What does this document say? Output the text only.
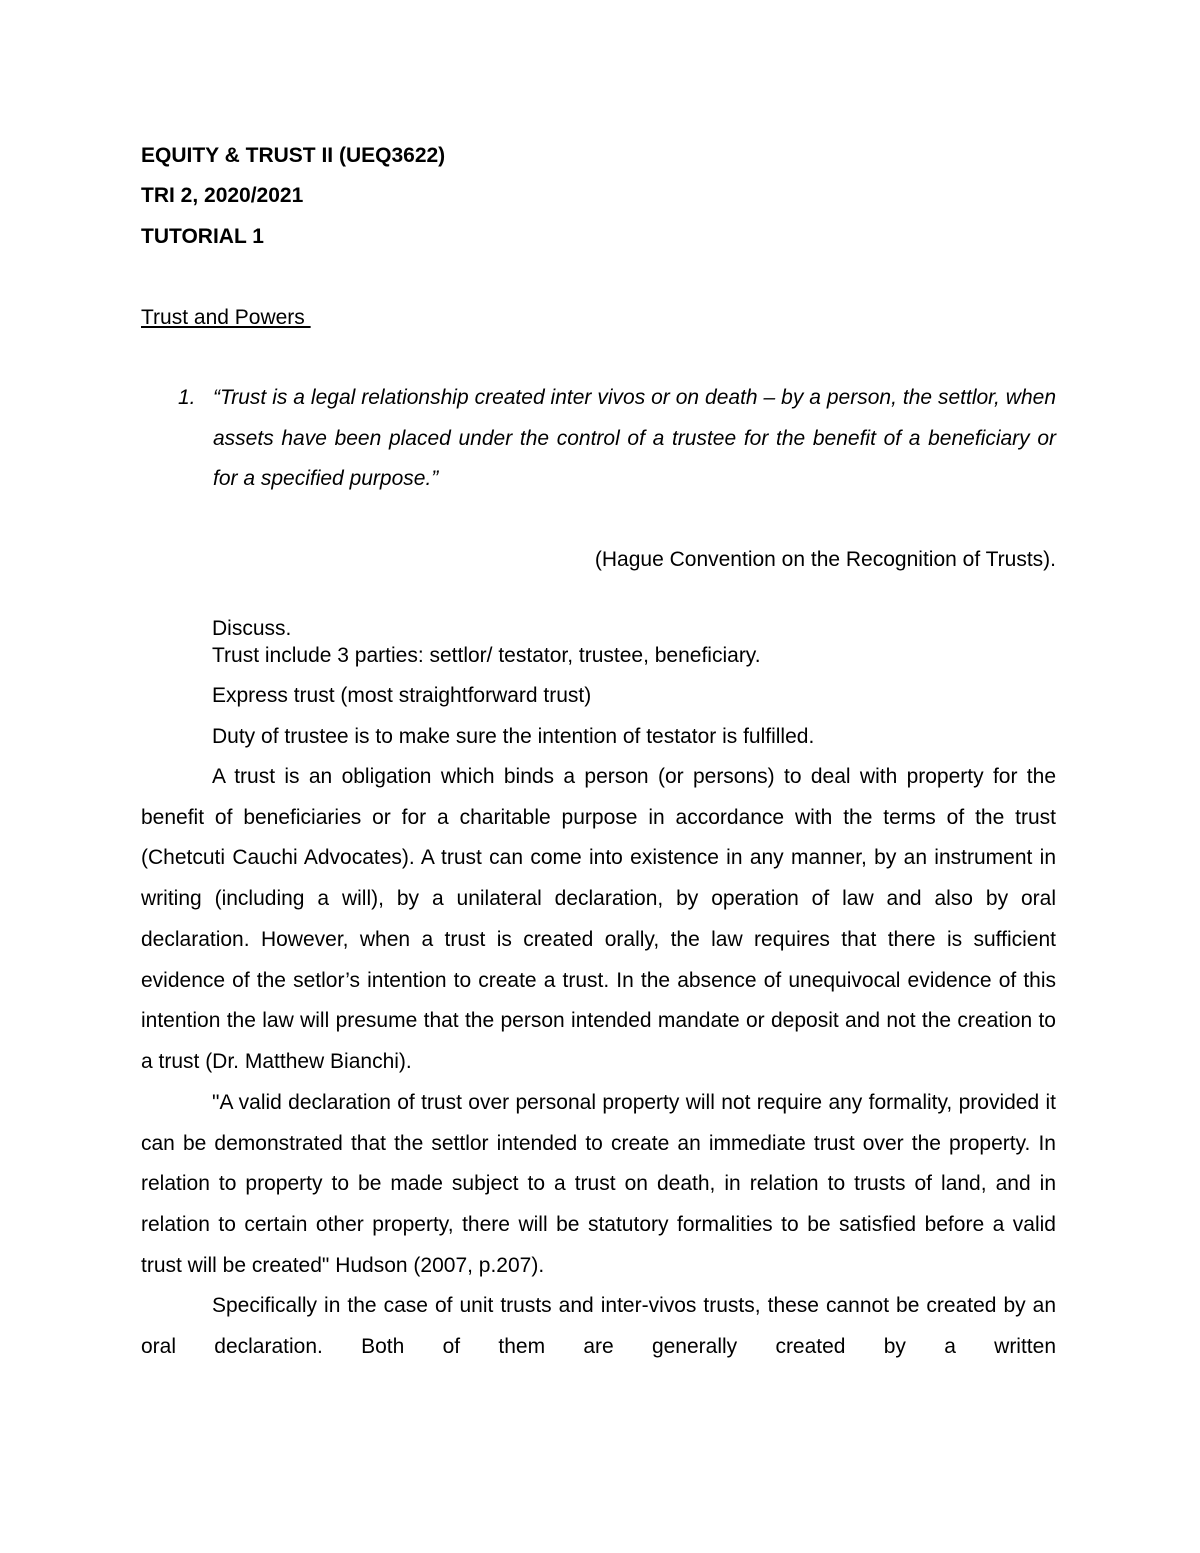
EQUITY & TRUST II (UEQ3622)
TRI 2, 2020/2021
TUTORIAL 1
Trust and Powers
1. “Trust is a legal relationship created inter vivos or on death – by a person, the settlor, when assets have been placed under the control of a trustee for the benefit of a beneficiary or for a specified purpose.”
(Hague Convention on the Recognition of Trusts).
Discuss.
Trust include 3 parties: settlor/ testator, trustee, beneficiary.
Express trust (most straightforward trust)
Duty of trustee is to make sure the intention of testator is fulfilled.
A trust is an obligation which binds a person (or persons) to deal with property for the benefit of beneficiaries or for a charitable purpose in accordance with the terms of the trust (Chetcuti Cauchi Advocates). A trust can come into existence in any manner, by an instrument in writing (including a will), by a unilateral declaration, by operation of law and also by oral declaration. However, when a trust is created orally, the law requires that there is sufficient evidence of the setlor’s intention to create a trust. In the absence of unequivocal evidence of this intention the law will presume that the person intended mandate or deposit and not the creation to a trust (Dr. Matthew Bianchi).
"A valid declaration of trust over personal property will not require any formality, provided it can be demonstrated that the settlor intended to create an immediate trust over the property. In relation to property to be made subject to a trust on death, in relation to trusts of land, and in relation to certain other property, there will be statutory formalities to be satisfied before a valid trust will be created" Hudson (2007, p.207).
Specifically in the case of unit trusts and inter-vivos trusts, these cannot be created by an oral declaration. Both of them are generally created by a written
